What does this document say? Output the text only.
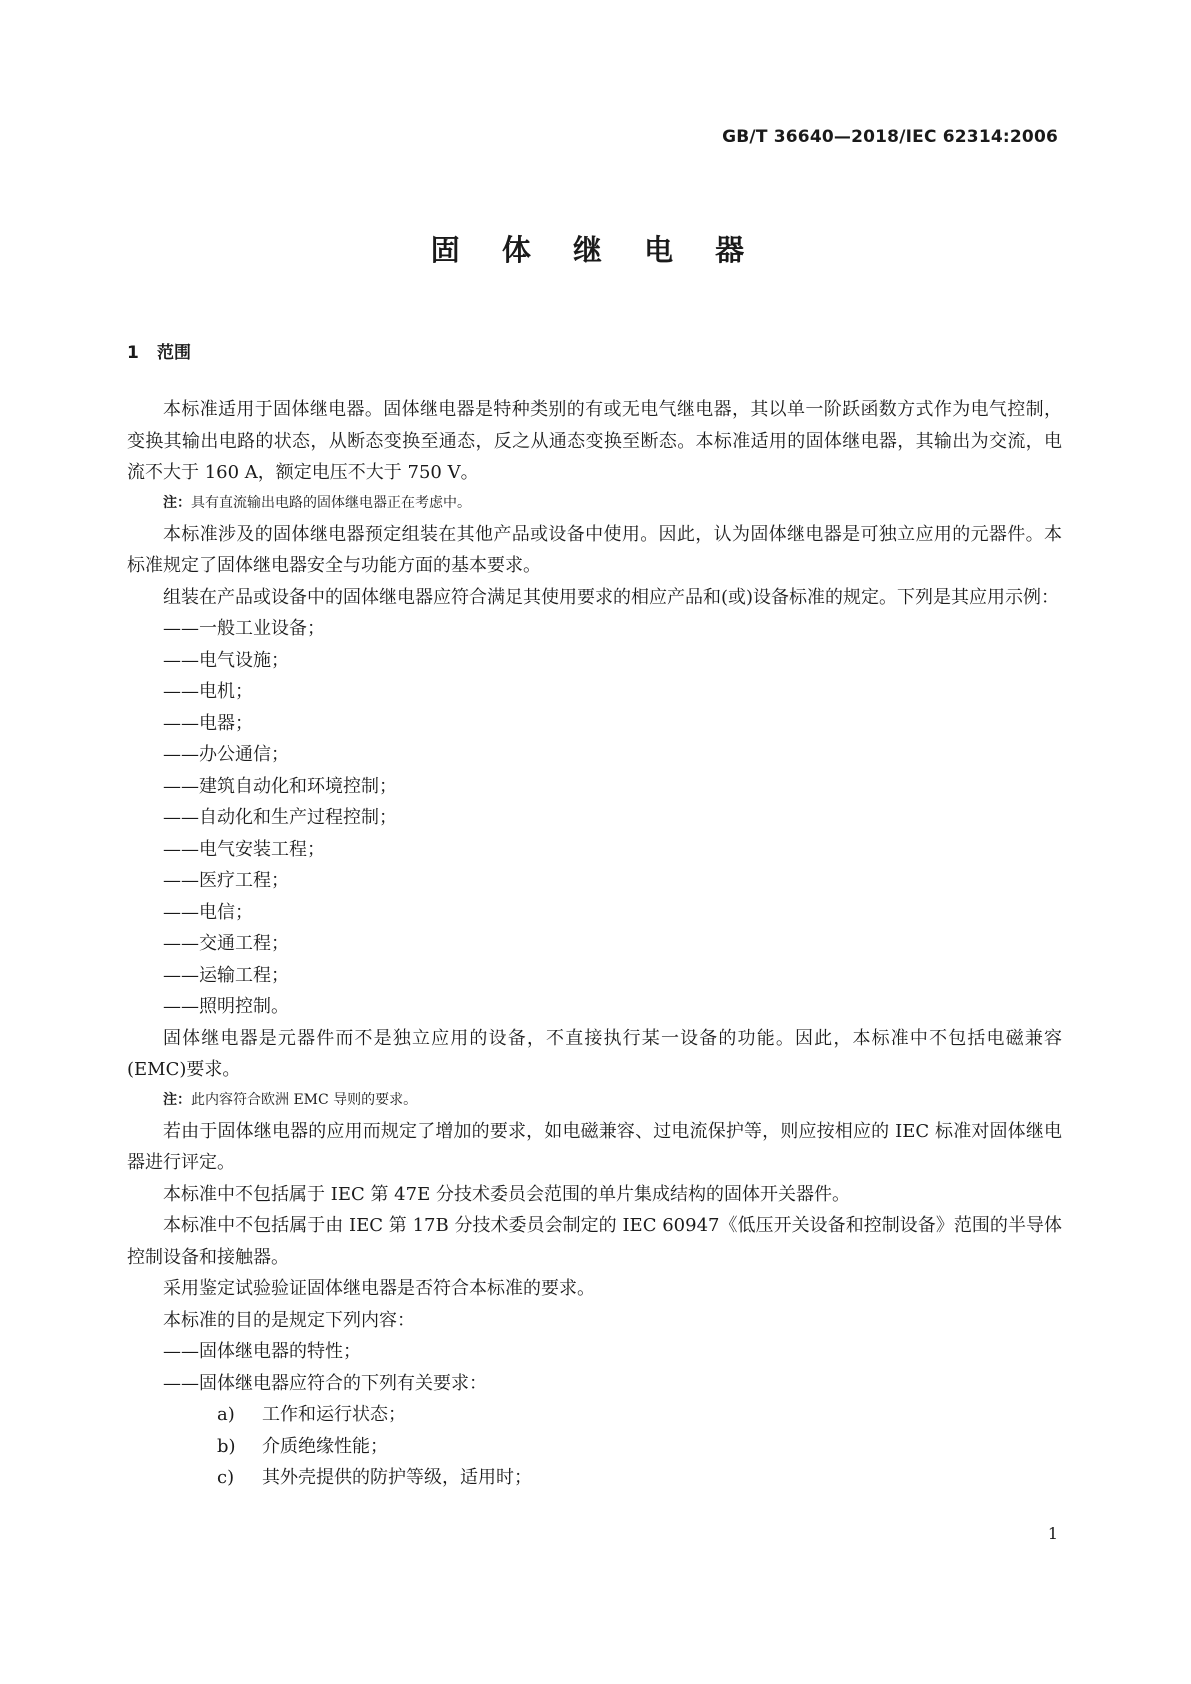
GB/T 36640—2018/IEC 62314:2006
固 体 继 电 器
1 范围

本标准适用于固体继电器。固体继电器是特种类别的有或无电气继电器，其以单一阶跃函数方式作为电气控制，变换其输出电路的状态，从断态变换至通态，反之从通态变换至断态。本标准适用的固体继电器，其输出为交流，电流不大于 160 A，额定电压不大于 750 V。

注：具有直流输出电路的固体继电器正在考虑中。

本标准涉及的固体继电器预定组装在其他产品或设备中使用。因此，认为固体继电器是可独立应用的元器件。本标准规定了固体继电器安全与功能方面的基本要求。

组装在产品或设备中的固体继电器应符合满足其使用要求的相应产品和(或)设备标准的规定。下列是其应用示例：

——一般工业设备；
——电气设施；
——电机；
——电器；
——办公通信；
——建筑自动化和环境控制；
——自动化和生产过程控制；
——电气安装工程；
——医疗工程；
——电信；
——交通工程；
——运输工程；
——照明控制。

固体继电器是元器件而不是独立应用的设备，不直接执行某一设备的功能。因此，本标准中不包括电磁兼容(EMC)要求。

注：此内容符合欧洲 EMC 导则的要求。

若由于固体继电器的应用而规定了增加的要求，如电磁兼容、过电流保护等，则应按相应的 IEC 标准对固体继电器进行评定。

本标准中不包括属于 IEC 第 47E 分技术委员会范围的单片集成结构的固体开关器件。

本标准中不包括属于由 IEC 第 17B 分技术委员会制定的 IEC 60947《低压开关设备和控制设备》范围的半导体控制设备和接触器。

采用鉴定试验验证固体继电器是否符合本标准的要求。

本标准的目的是规定下列内容：

——固体继电器的特性；
——固体继电器应符合的下列有关要求：
a) 工作和运行状态；
b) 介质绝缘性能；
c) 其外壳提供的防护等级，适用时；
1
